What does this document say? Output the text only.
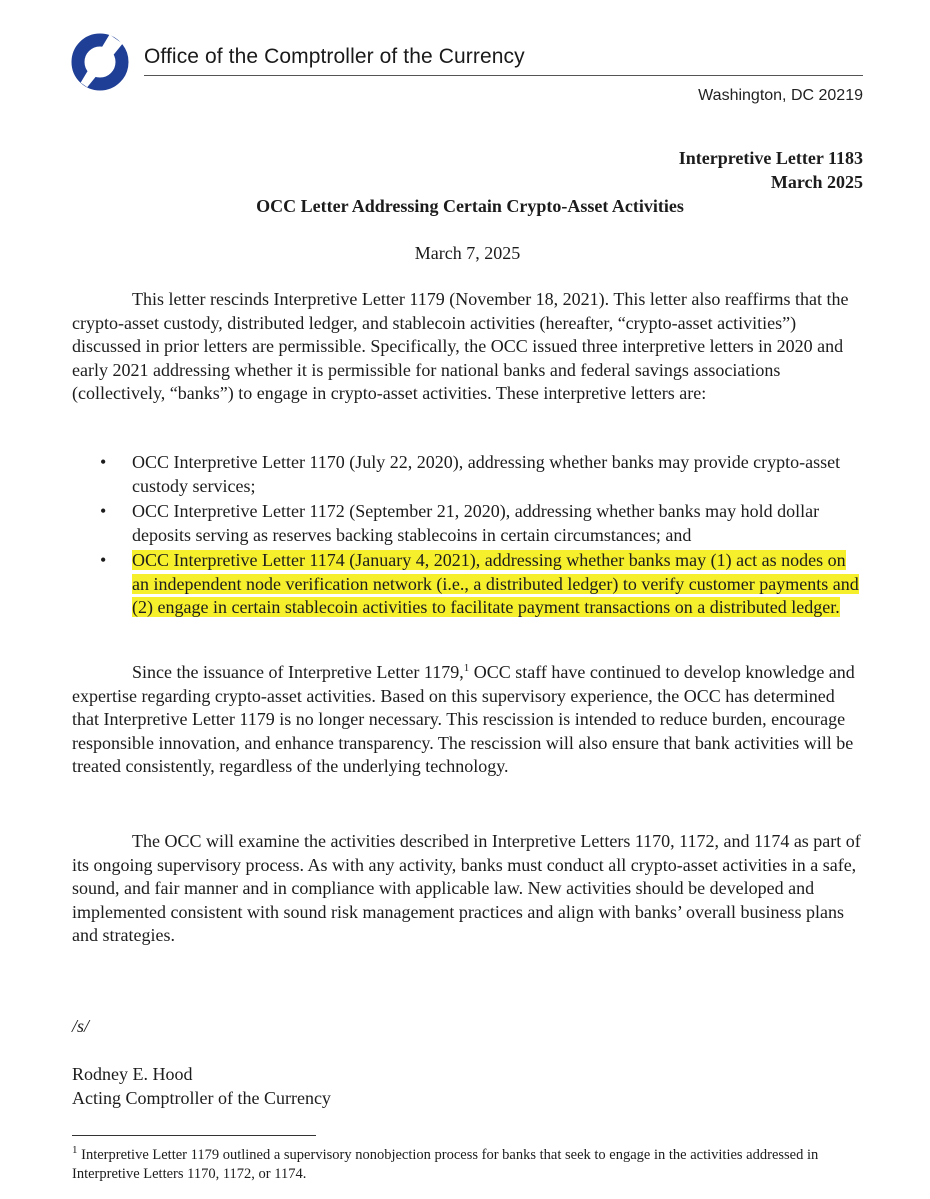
Office of the Comptroller of the Currency
Washington, DC 20219
Interpretive Letter 1183
March 2025
OCC Letter Addressing Certain Crypto-Asset Activities
March 7, 2025

This letter rescinds Interpretive Letter 1179 (November 18, 2021). This letter also reaffirms that the crypto-asset custody, distributed ledger, and stablecoin activities (hereafter, “crypto-asset activities”) discussed in prior letters are permissible. Specifically, the OCC issued three interpretive letters in 2020 and early 2021 addressing whether it is permissible for national banks and federal savings associations (collectively, “banks”) to engage in crypto-asset activities. These interpretive letters are:

• OCC Interpretive Letter 1170 (July 22, 2020), addressing whether banks may provide crypto-asset custody services;
• OCC Interpretive Letter 1172 (September 21, 2020), addressing whether banks may hold dollar deposits serving as reserves backing stablecoins in certain circumstances; and
• OCC Interpretive Letter 1174 (January 4, 2021), addressing whether banks may (1) act as nodes on an independent node verification network (i.e., a distributed ledger) to verify customer payments and (2) engage in certain stablecoin activities to facilitate payment transactions on a distributed ledger.

Since the issuance of Interpretive Letter 1179,$^1$ OCC staff have continued to develop knowledge and expertise regarding crypto-asset activities. Based on this supervisory experience, the OCC has determined that Interpretive Letter 1179 is no longer necessary. This rescission is intended to reduce burden, encourage responsible innovation, and enhance transparency. The rescission will also ensure that bank activities will be treated consistently, regardless of the underlying technology.

The OCC will examine the activities described in Interpretive Letters 1170, 1172, and 1174 as part of its ongoing supervisory process. As with any activity, banks must conduct all crypto-asset activities in a safe, sound, and fair manner and in compliance with applicable law. New activities should be developed and implemented consistent with sound risk management practices and align with banks’ overall business plans and strategies.

/s/
Rodney E. Hood
Acting Comptroller of the Currency

$^1$ Interpretive Letter 1179 outlined a supervisory nonobjection process for banks that seek to engage in the activities addressed in Interpretive Letters 1170, 1172, or 1174.
